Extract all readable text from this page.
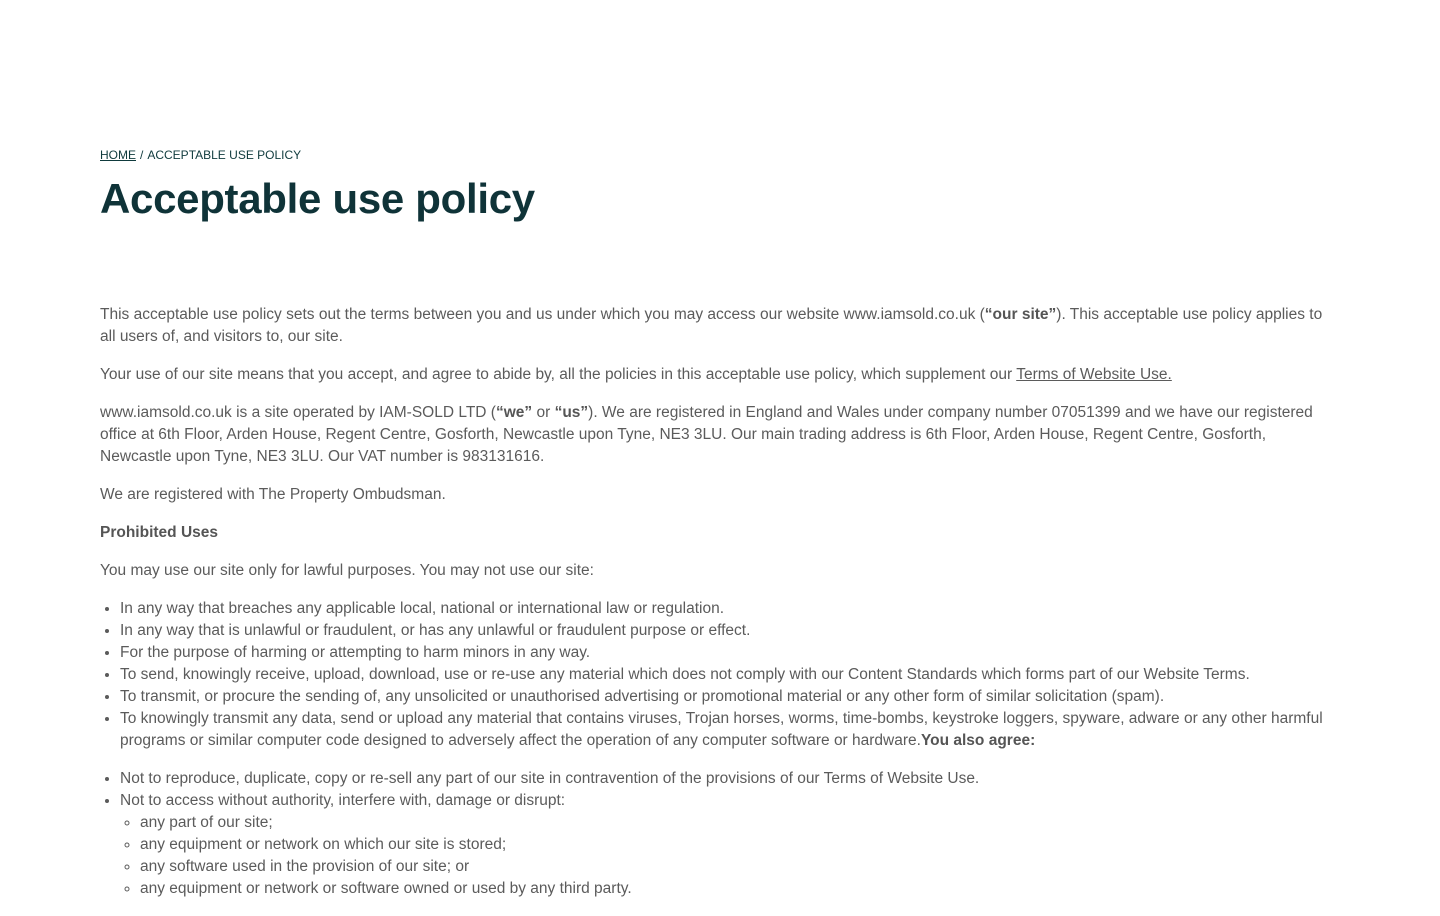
HOME / ACCEPTABLE USE POLICY
Acceptable use policy

This acceptable use policy sets out the terms between you and us under which you may access our website www.iamsold.co.uk (“our site”). This acceptable use policy applies to all users of, and visitors to, our site.

Your use of our site means that you accept, and agree to abide by, all the policies in this acceptable use policy, which supplement our Terms of Website Use.

www.iamsold.co.uk is a site operated by IAM-SOLD LTD (“we” or “us”). We are registered in England and Wales under company number 07051399 and we have our registered office at 6th Floor, Arden House, Regent Centre, Gosforth, Newcastle upon Tyne, NE3 3LU. Our main trading address is 6th Floor, Arden House, Regent Centre, Gosforth, Newcastle upon Tyne, NE3 3LU. Our VAT number is 983131616.

We are registered with The Property Ombudsman.

Prohibited Uses

You may use our site only for lawful purposes. You may not use our site:

• In any way that breaches any applicable local, national or international law or regulation.
• In any way that is unlawful or fraudulent, or has any unlawful or fraudulent purpose or effect.
• For the purpose of harming or attempting to harm minors in any way.
• To send, knowingly receive, upload, download, use or re-use any material which does not comply with our Content Standards which forms part of our Website Terms.
• To transmit, or procure the sending of, any unsolicited or unauthorised advertising or promotional material or any other form of similar solicitation (spam).
• To knowingly transmit any data, send or upload any material that contains viruses, Trojan horses, worms, time-bombs, keystroke loggers, spyware, adware or any other harmful programs or similar computer code designed to adversely affect the operation of any computer software or hardware.You also agree:
• Not to reproduce, duplicate, copy or re-sell any part of our site in contravention of the provisions of our Terms of Website Use.
• Not to access without authority, interfere with, damage or disrupt:
◦ any part of our site;
◦ any equipment or network on which our site is stored;
◦ any software used in the provision of our site; or
◦ any equipment or network or software owned or used by any third party.
